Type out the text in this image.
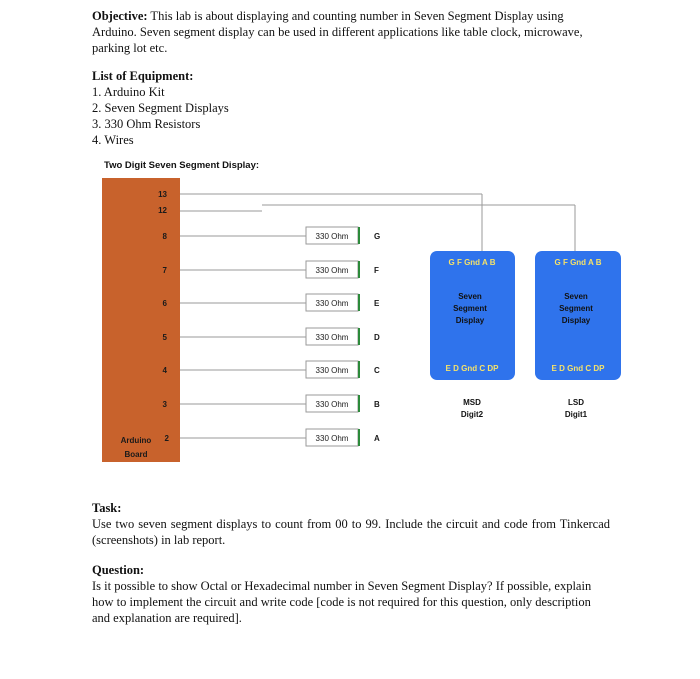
Objective: This lab is about displaying and counting number in Seven Segment Display using Arduino. Seven segment display can be used in different applications like table clock, microwave, parking lot etc.

List of Equipment:

1. Arduino Kit

2. Seven Segment Displays

3. 330 Ohm Resistors

4. Wires

Two Digit Seven Segment Display:
13
12
8
7
6
5
4
3
2
Arduino
Board
330 Ohm
330 Ohm
330 Ohm
330 Ohm
330 Ohm
330 Ohm
330 Ohm
G
F
E
D
C
B
A
G F Gnd A B
Seven
Segment
Display
E D Gnd C DP
MSD
Digit2
G F Gnd A B
Seven
Segment
Display
E D Gnd C DP
LSD
Digit1

Task:

Use two seven segment displays to count from 00 to 99. Include the circuit and code from Tinkercad (screenshots) in lab report.

Question:

Is it possible to show Octal or Hexadecimal number in Seven Segment Display? If possible, explain how to implement the circuit and write code [code is not required for this question, only description and explanation are required].
